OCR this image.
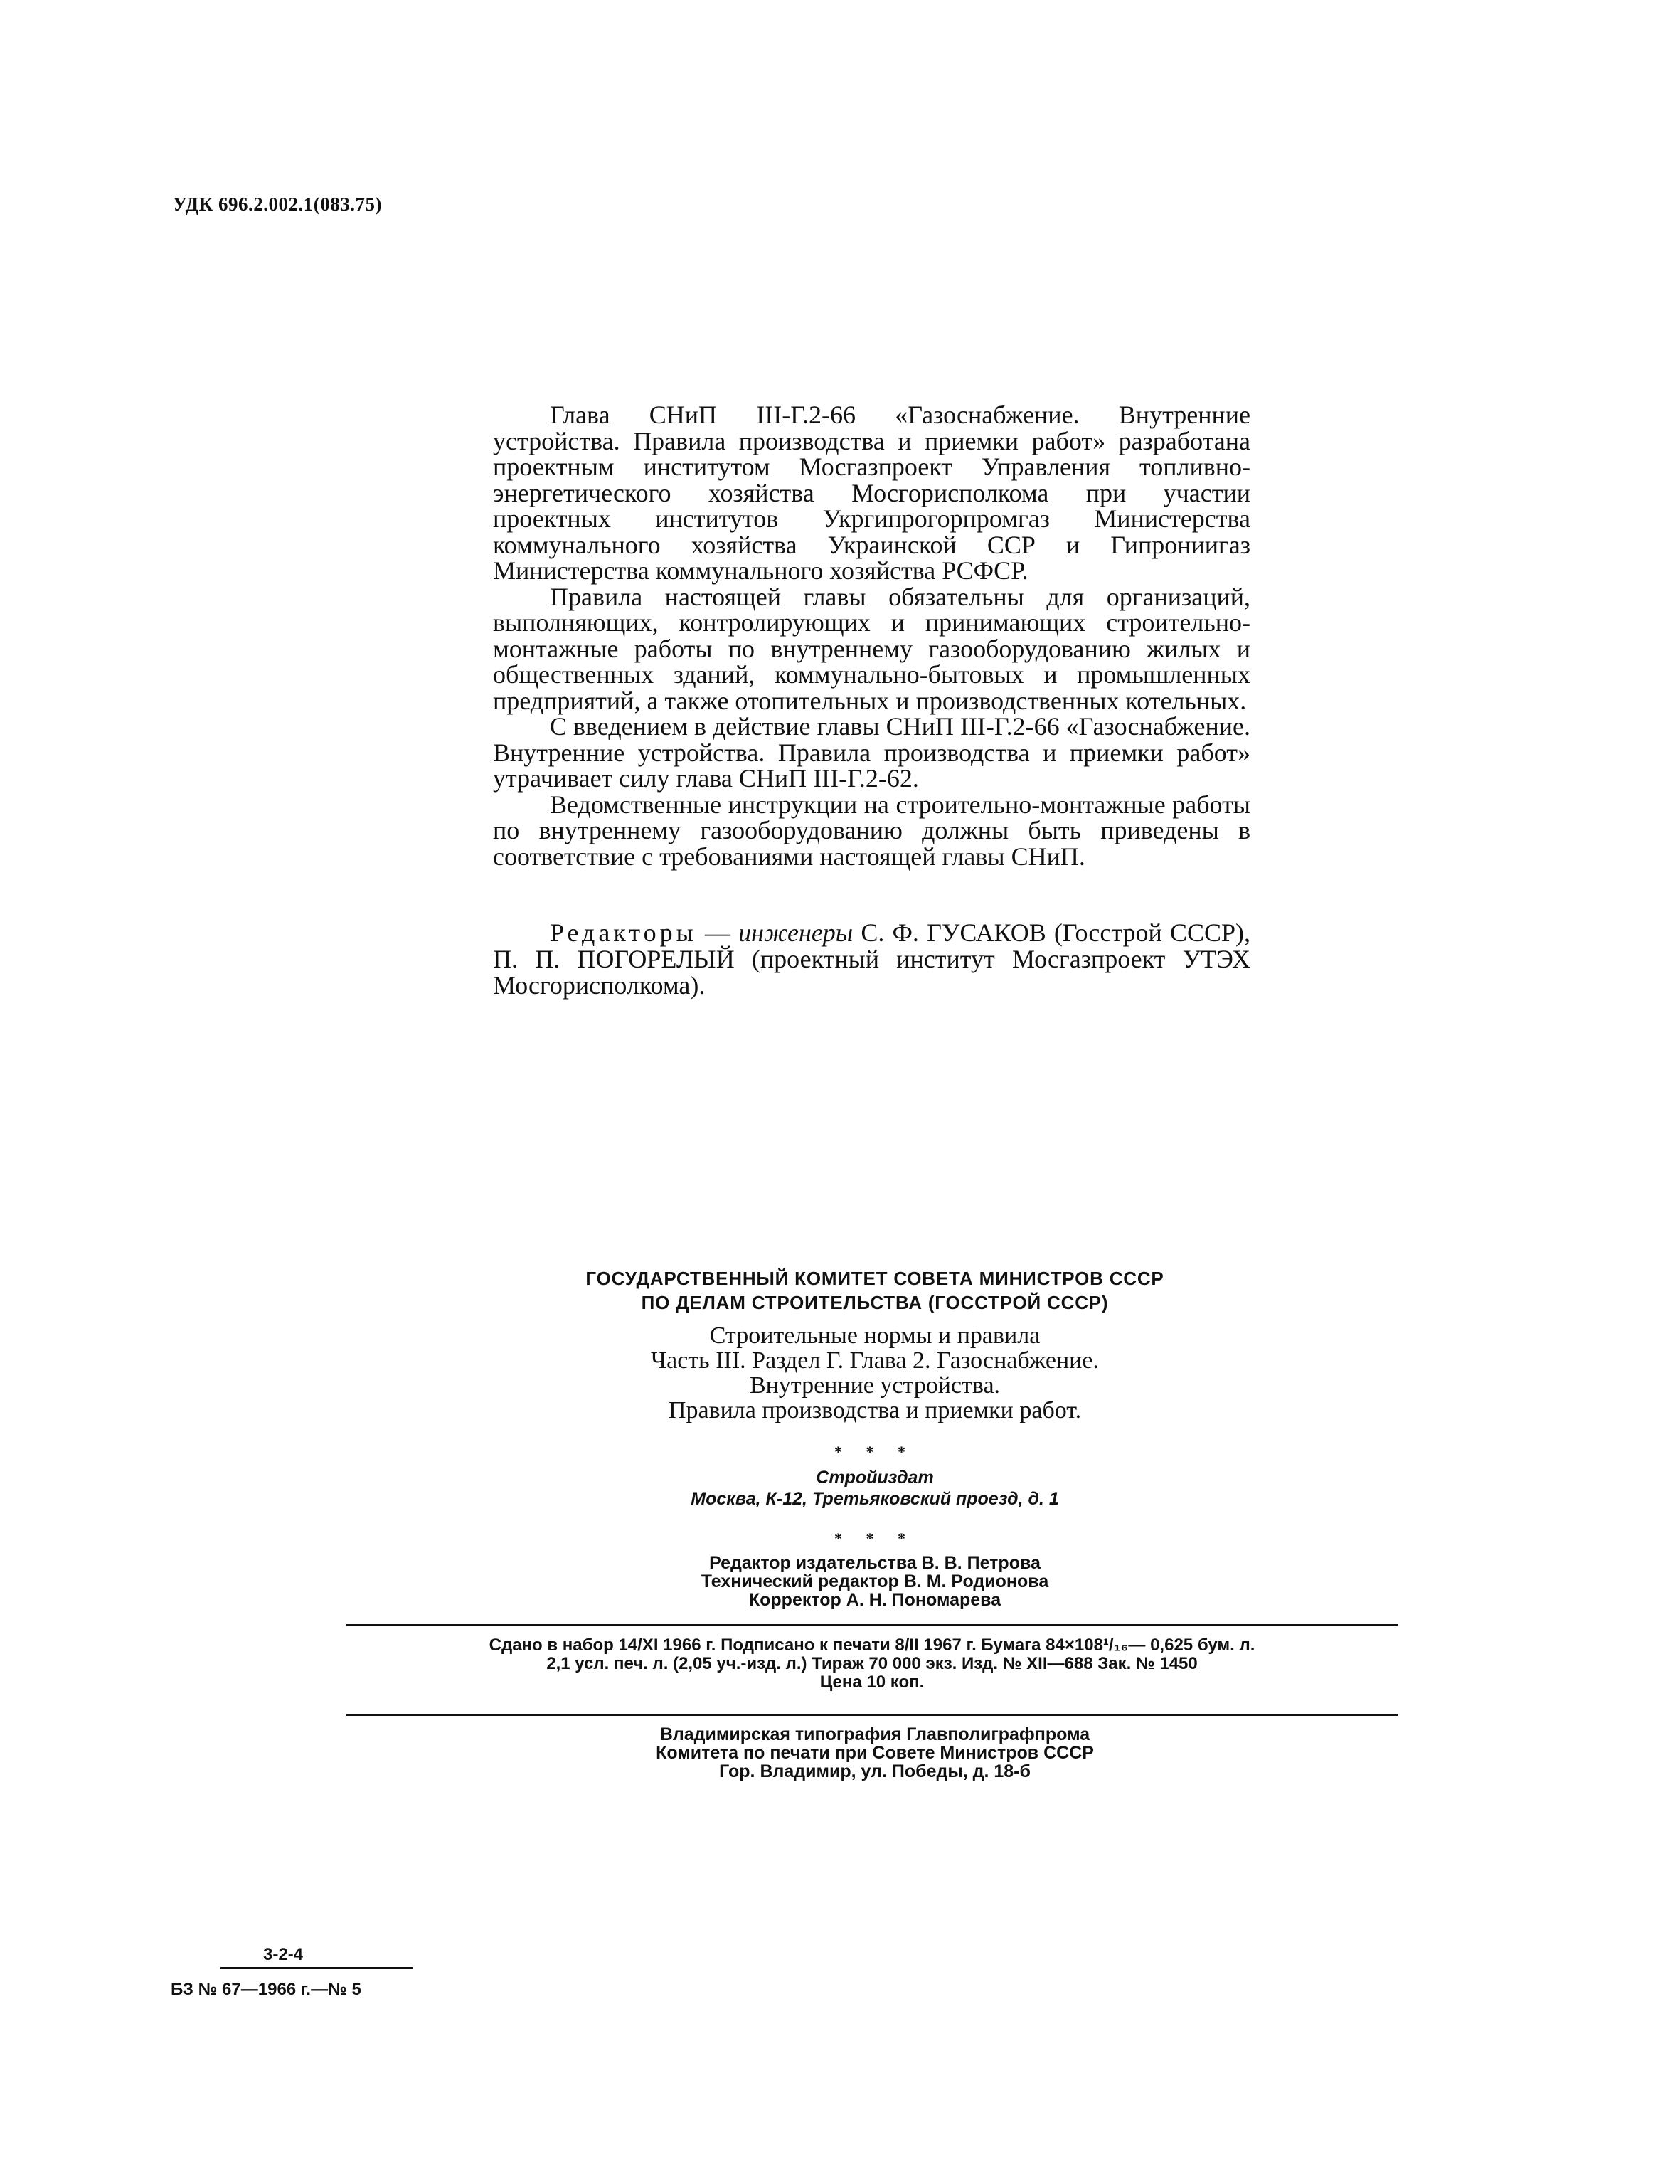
УДК 696.2.002.1(083.75)

Глава СНиП III-Г.2-66 «Газоснабжение. Внутренние устройства. Правила производства и приемки работ» разработана проектным институтом Мосгазпроект Управления топливно-энергетического хозяйства Мосгорисполкома при участии проектных институтов Укргипрогорпромгаз Министерства коммунального хозяйства Украинской ССР и Гипрониигаз Министерства коммунального хозяйства РСФСР.

Правила настоящей главы обязательны для организаций, выполняющих, контролирующих и принимающих строительно-монтажные работы по внутреннему газооборудованию жилых и общественных зданий, коммунально-бытовых и промышленных предприятий, а также отопительных и производственных котельных.

С введением в действие главы СНиП III-Г.2-66 «Газоснабжение. Внутренние устройства. Правила производства и приемки работ» утрачивает силу глава СНиП III-Г.2-62.

Ведомственные инструкции на строительно-монтажные работы по внутреннему газооборудованию должны быть приведены в соответствие с требованиями настоящей главы СНиП.

Редакторы — инженеры С. Ф. ГУСАКОВ (Госстрой СССР), П. П. ПОГОРЕЛЫЙ (проектный институт Мосгазпроект УТЭХ Мосгорисполкома).

ГОСУДАРСТВЕННЫЙ КОМИТЕТ СОВЕТА МИНИСТРОВ СССР
ПО ДЕЛАМ СТРОИТЕЛЬСТВА (ГОССТРОЙ СССР)
Строительные нормы и правила
Часть III. Раздел Г. Глава 2. Газоснабжение.
Внутренние устройства.
Правила производства и приемки работ.
* * *
Стройиздат
Москва, К-12, Третьяковский проезд, д. 1
* * *
Редактор издательства В. В. Петрова
Технический редактор В. М. Родионова
Корректор А. Н. Пономарева
Сдано в набор 14/XI 1966 г. Подписано к печати 8/II 1967 г. Бумага 84×108¹/₁₆— 0,625 бум. л.
2,1 усл. печ. л. (2,05 уч.-изд. л.) Тираж 70 000 экз. Изд. № XII—688 Зак. № 1450
Цена 10 коп.
Владимирская типография Главполиграфпрома
Комитета по печати при Совете Министров СССР
Гор. Владимир, ул. Победы, д. 18-б
3-2-4
БЗ № 67—1966 г.—№ 5
